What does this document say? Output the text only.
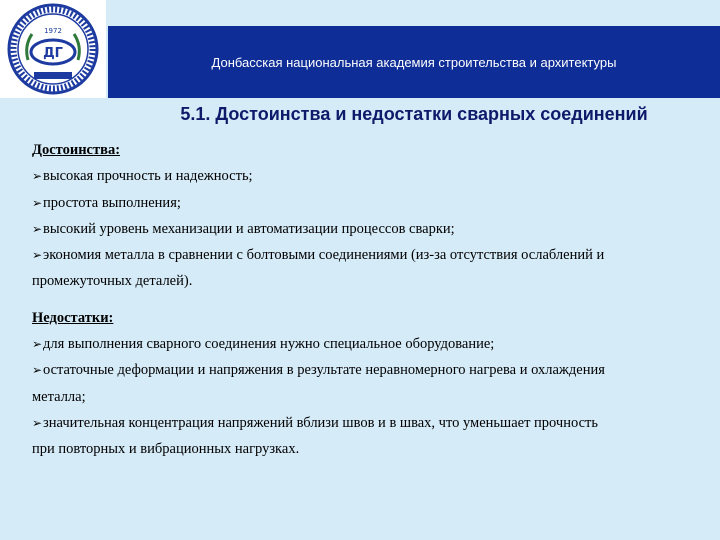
ДГ
1972
Донбасская национальная академия строительства и архитектуры
5.1. Достоинства и недостатки сварных соединений
Достоинства:
➢высокая прочность и надежность;
➢простота выполнения;
➢высокий уровень механизации и автоматизации процессов сварки;
➢экономия металла в сравнении с болтовыми соединениями (из-за отсутствия ослаблений и
промежуточных деталей).
Недостатки:
➢для выполнения сварного соединения нужно специальное оборудование;
➢остаточные деформации и напряжения в результате неравномерного нагрева и охлаждения
металла;
➢значительная концентрация напряжений вблизи швов и в швах, что уменьшает прочность
при повторных и вибрационных нагрузках.
